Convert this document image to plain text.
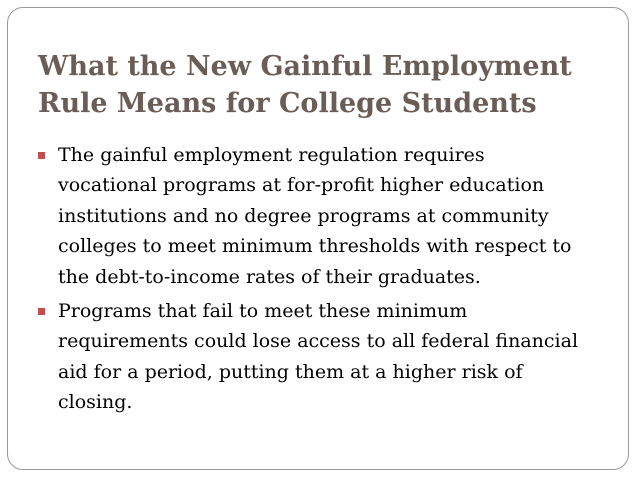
What the New Gainful Employment
Rule Means for College Students
The gainful employment regulation requires
vocational programs at for-profit higher education
institutions and no degree programs at community
colleges to meet minimum thresholds with respect to
the debt-to-income rates of their graduates.
Programs that fail to meet these minimum
requirements could lose access to all federal financial
aid for a period, putting them at a higher risk of
closing.
